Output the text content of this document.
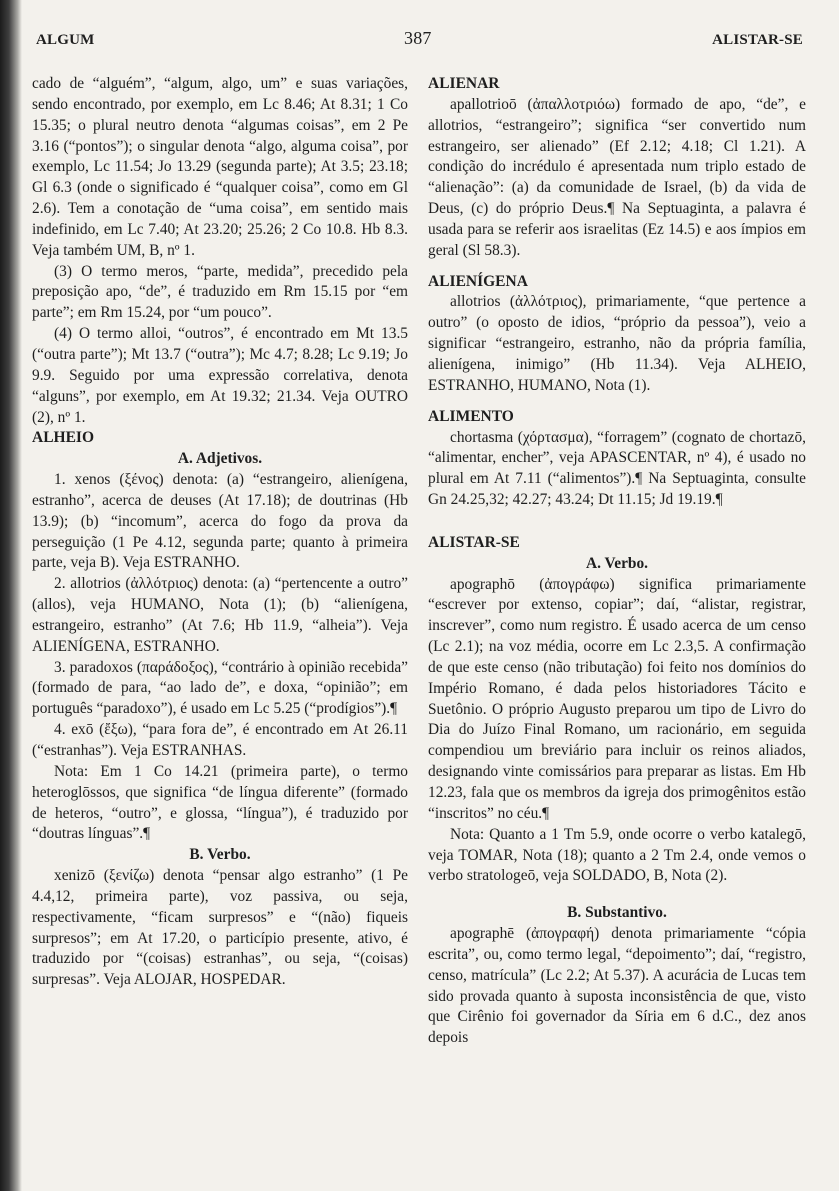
ALGUM	387	ALISTAR-SE

cado de “alguém”, “algum, algo, um” e suas variações, sendo encontrado, por exemplo, em Lc 8.46; At 8.31; 1 Co 15.35; o plural neutro denota “algumas coisas”, em 2 Pe 3.16 (“pontos”); o singular denota “algo, alguma coisa”, por exemplo, Lc 11.54; Jo 13.29 (segunda parte); At 3.5; 23.18; Gl 6.3 (onde o significado é “qualquer coisa”, como em Gl 2.6). Tem a conotação de “uma coisa”, em sentido mais indefinido, em Lc 7.40; At 23.20; 25.26; 2 Co 10.8. Hb 8.3. Veja também UM, B, nº 1.

(3) O termo meros, “parte, medida”, precedido pela preposição apo, “de”, é traduzido em Rm 15.15 por “em parte”; em Rm 15.24, por “um pouco”.

(4) O termo alloi, “outros”, é encontrado em Mt 13.5 (“outra parte”); Mt 13.7 (“outra”); Mc 4.7; 8.28; Lc 9.19; Jo 9.9. Seguido por uma expressão correlativa, denota “alguns”, por exemplo, em At 19.32; 21.34. Veja OUTRO (2), nº 1.

ALHEIO

A. Adjetivos.

1. xenos (ξένος) denota: (a) “estrangeiro, alienígena, estranho”, acerca de deuses (At 17.18); de doutrinas (Hb 13.9); (b) “incomum”, acerca do fogo da prova da perseguição (1 Pe 4.12, segunda parte; quanto à primeira parte, veja B). Veja ESTRANHO.

2. allotrios (ἀλλότριος) denota: (a) “pertencente a outro” (allos), veja HUMANO, Nota (1); (b) “alienígena, estrangeiro, estranho” (At 7.6; Hb 11.9, “alheia”). Veja ALIENÍGENA, ESTRANHO.

3. paradoxos (παράδοξος), “contrário à opinião recebida” (formado de para, “ao lado de”, e doxa, “opinião”; em português “paradoxo”), é usado em Lc 5.25 (“prodígios”).¶

4. exō (ἔξω), “para fora de”, é encontrado em At 26.11 (“estranhas”). Veja ESTRANHAS.

Nota: Em 1 Co 14.21 (primeira parte), o termo heteroglōssos, que significa “de língua diferente” (formado de heteros, “outro”, e glossa, “língua”), é traduzido por “doutras línguas”.¶

B. Verbo.

xenizō (ξενίζω) denota “pensar algo estranho” (1 Pe 4.4,12, primeira parte), voz passiva, ou seja, respectivamente, “ficam surpresos” e “(não) fiqueis surpresos”; em At 17.20, o particípio presente, ativo, é traduzido por “(coisas) estranhas”, ou seja, “(coisas) surpresas”. Veja ALOJAR, HOSPEDAR.

ALIENAR

apallotrioō (ἀπαλλοτριόω) formado de apo, “de”, e allotrios, “estrangeiro”; significa “ser convertido num estrangeiro, ser alienado” (Ef 2.12; 4.18; Cl 1.21). A condição do incrédulo é apresentada num triplo estado de “alienação”: (a) da comunidade de Israel, (b) da vida de Deus, (c) do próprio Deus.¶ Na Septuaginta, a palavra é usada para se referir aos israelitas (Ez 14.5) e aos ímpios em geral (Sl 58.3).

ALIENÍGENA

allotrios (ἀλλότριος), primariamente, “que pertence a outro” (o oposto de idios, “próprio da pessoa”), veio a significar “estrangeiro, estranho, não da própria família, alienígena, inimigo” (Hb 11.34). Veja ALHEIO, ESTRANHO, HUMANO, Nota (1).

ALIMENTO

chortasma (χόρτασμα), “forragem” (cognato de chortazō, “alimentar, encher”, veja APASCENTAR, nº 4), é usado no plural em At 7.11 (“alimentos”).¶ Na Septuaginta, consulte Gn 24.25,32; 42.27; 43.24; Dt 11.15; Jd 19.19.¶

ALISTAR-SE

A. Verbo.

apographō (ἀπογράφω) significa primariamente “escrever por extenso, copiar”; daí, “alistar, registrar, inscrever”, como num registro. É usado acerca de um censo (Lc 2.1); na voz média, ocorre em Lc 2.3,5. A confirmação de que este censo (não tributação) foi feito nos domínios do Império Romano, é dada pelos historiadores Tácito e Suetônio. O próprio Augusto preparou um tipo de Livro do Dia do Juízo Final Romano, um racionário, em seguida compendiou um breviário para incluir os reinos aliados, designando vinte comissários para preparar as listas. Em Hb 12.23, fala que os membros da igreja dos primogênitos estão “inscritos” no céu.¶

Nota: Quanto a 1 Tm 5.9, onde ocorre o verbo katalegō, veja TOMAR, Nota (18); quanto a 2 Tm 2.4, onde vemos o verbo stratologeō, veja SOLDADO, B, Nota (2).

B. Substantivo.

apographē (ἀπογραφή) denota primariamente “cópia escrita”, ou, como termo legal, “depoimento”; daí, “registro, censo, matrícula” (Lc 2.2; At 5.37). A acurácia de Lucas tem sido provada quanto à suposta inconsistência de que, visto que Cirênio foi governador da Síria em 6 d.C., dez anos depois
